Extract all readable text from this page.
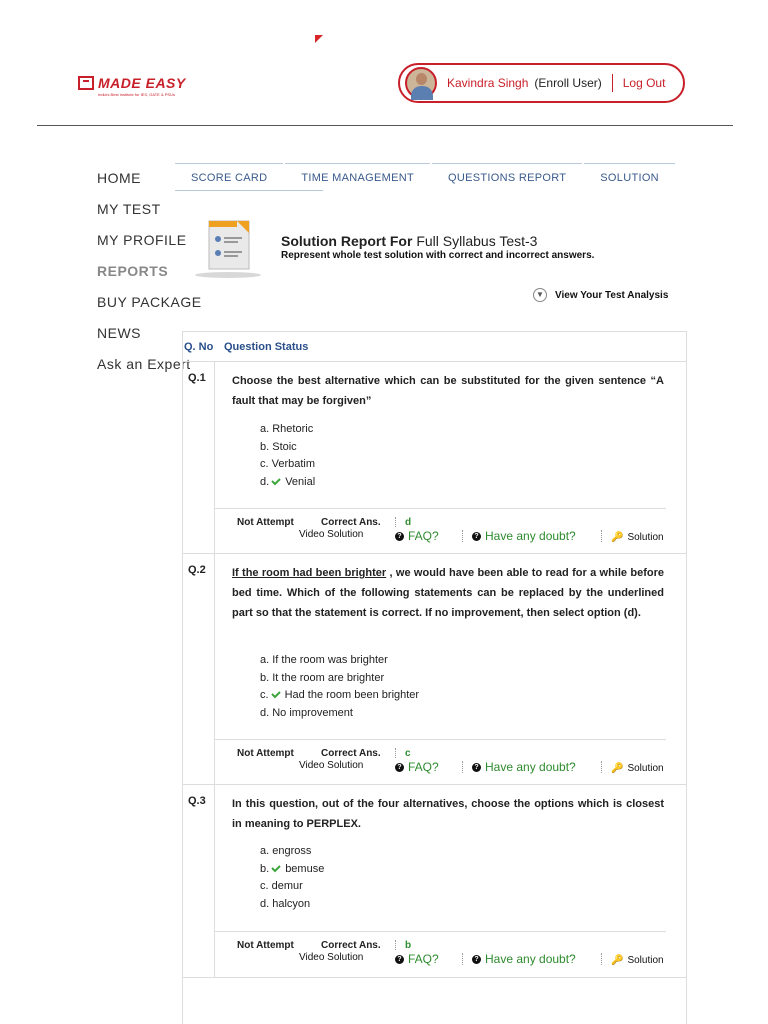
MADE EASY
India's Best Institute for IES, GATE & PSUs
Kavindra Singh (Enroll User) Log Out
HOME
MY TEST
MY PROFILE
REPORTS
BUY PACKAGE
NEWS
Ask an Expert
SCORE CARD	TIME MANAGEMENT	QUESTIONS REPORT	SOLUTION
Solution Report For Full Syllabus Test-3
Represent whole test solution with correct and incorrect answers.
▼	View Your Test Analysis
Q. No Question Status
Q.1 Choose the best alternative which can be substituted for the given sentence “A fault that may be forgiven”
a. Rhetoric
b. Stoic
c. Verbatim
d. Venial
Not Attempt	Correct Ans. d
Video Solution	? FAQ?	? Have any doubt?	🔑 Solution
Q.2 If the room had been brighter , we would have been able to read for a while before bed time. Which of the following statements can be replaced by the underlined part so that the statement is correct. If no improvement, then select option (d).
a. If the room was brighter
b. It the room are brighter
c. Had the room been brighter
d. No improvement
Not Attempt	Correct Ans. c
Video Solution	? FAQ?	? Have any doubt?	🔑 Solution
Q.3 In this question, out of the four alternatives, choose the options which is closest in meaning to PERPLEX.
a. engross
b. bemuse
c. demur
d. halcyon
Not Attempt	Correct Ans. b
Video Solution	? FAQ?	? Have any doubt?	🔑 Solution
